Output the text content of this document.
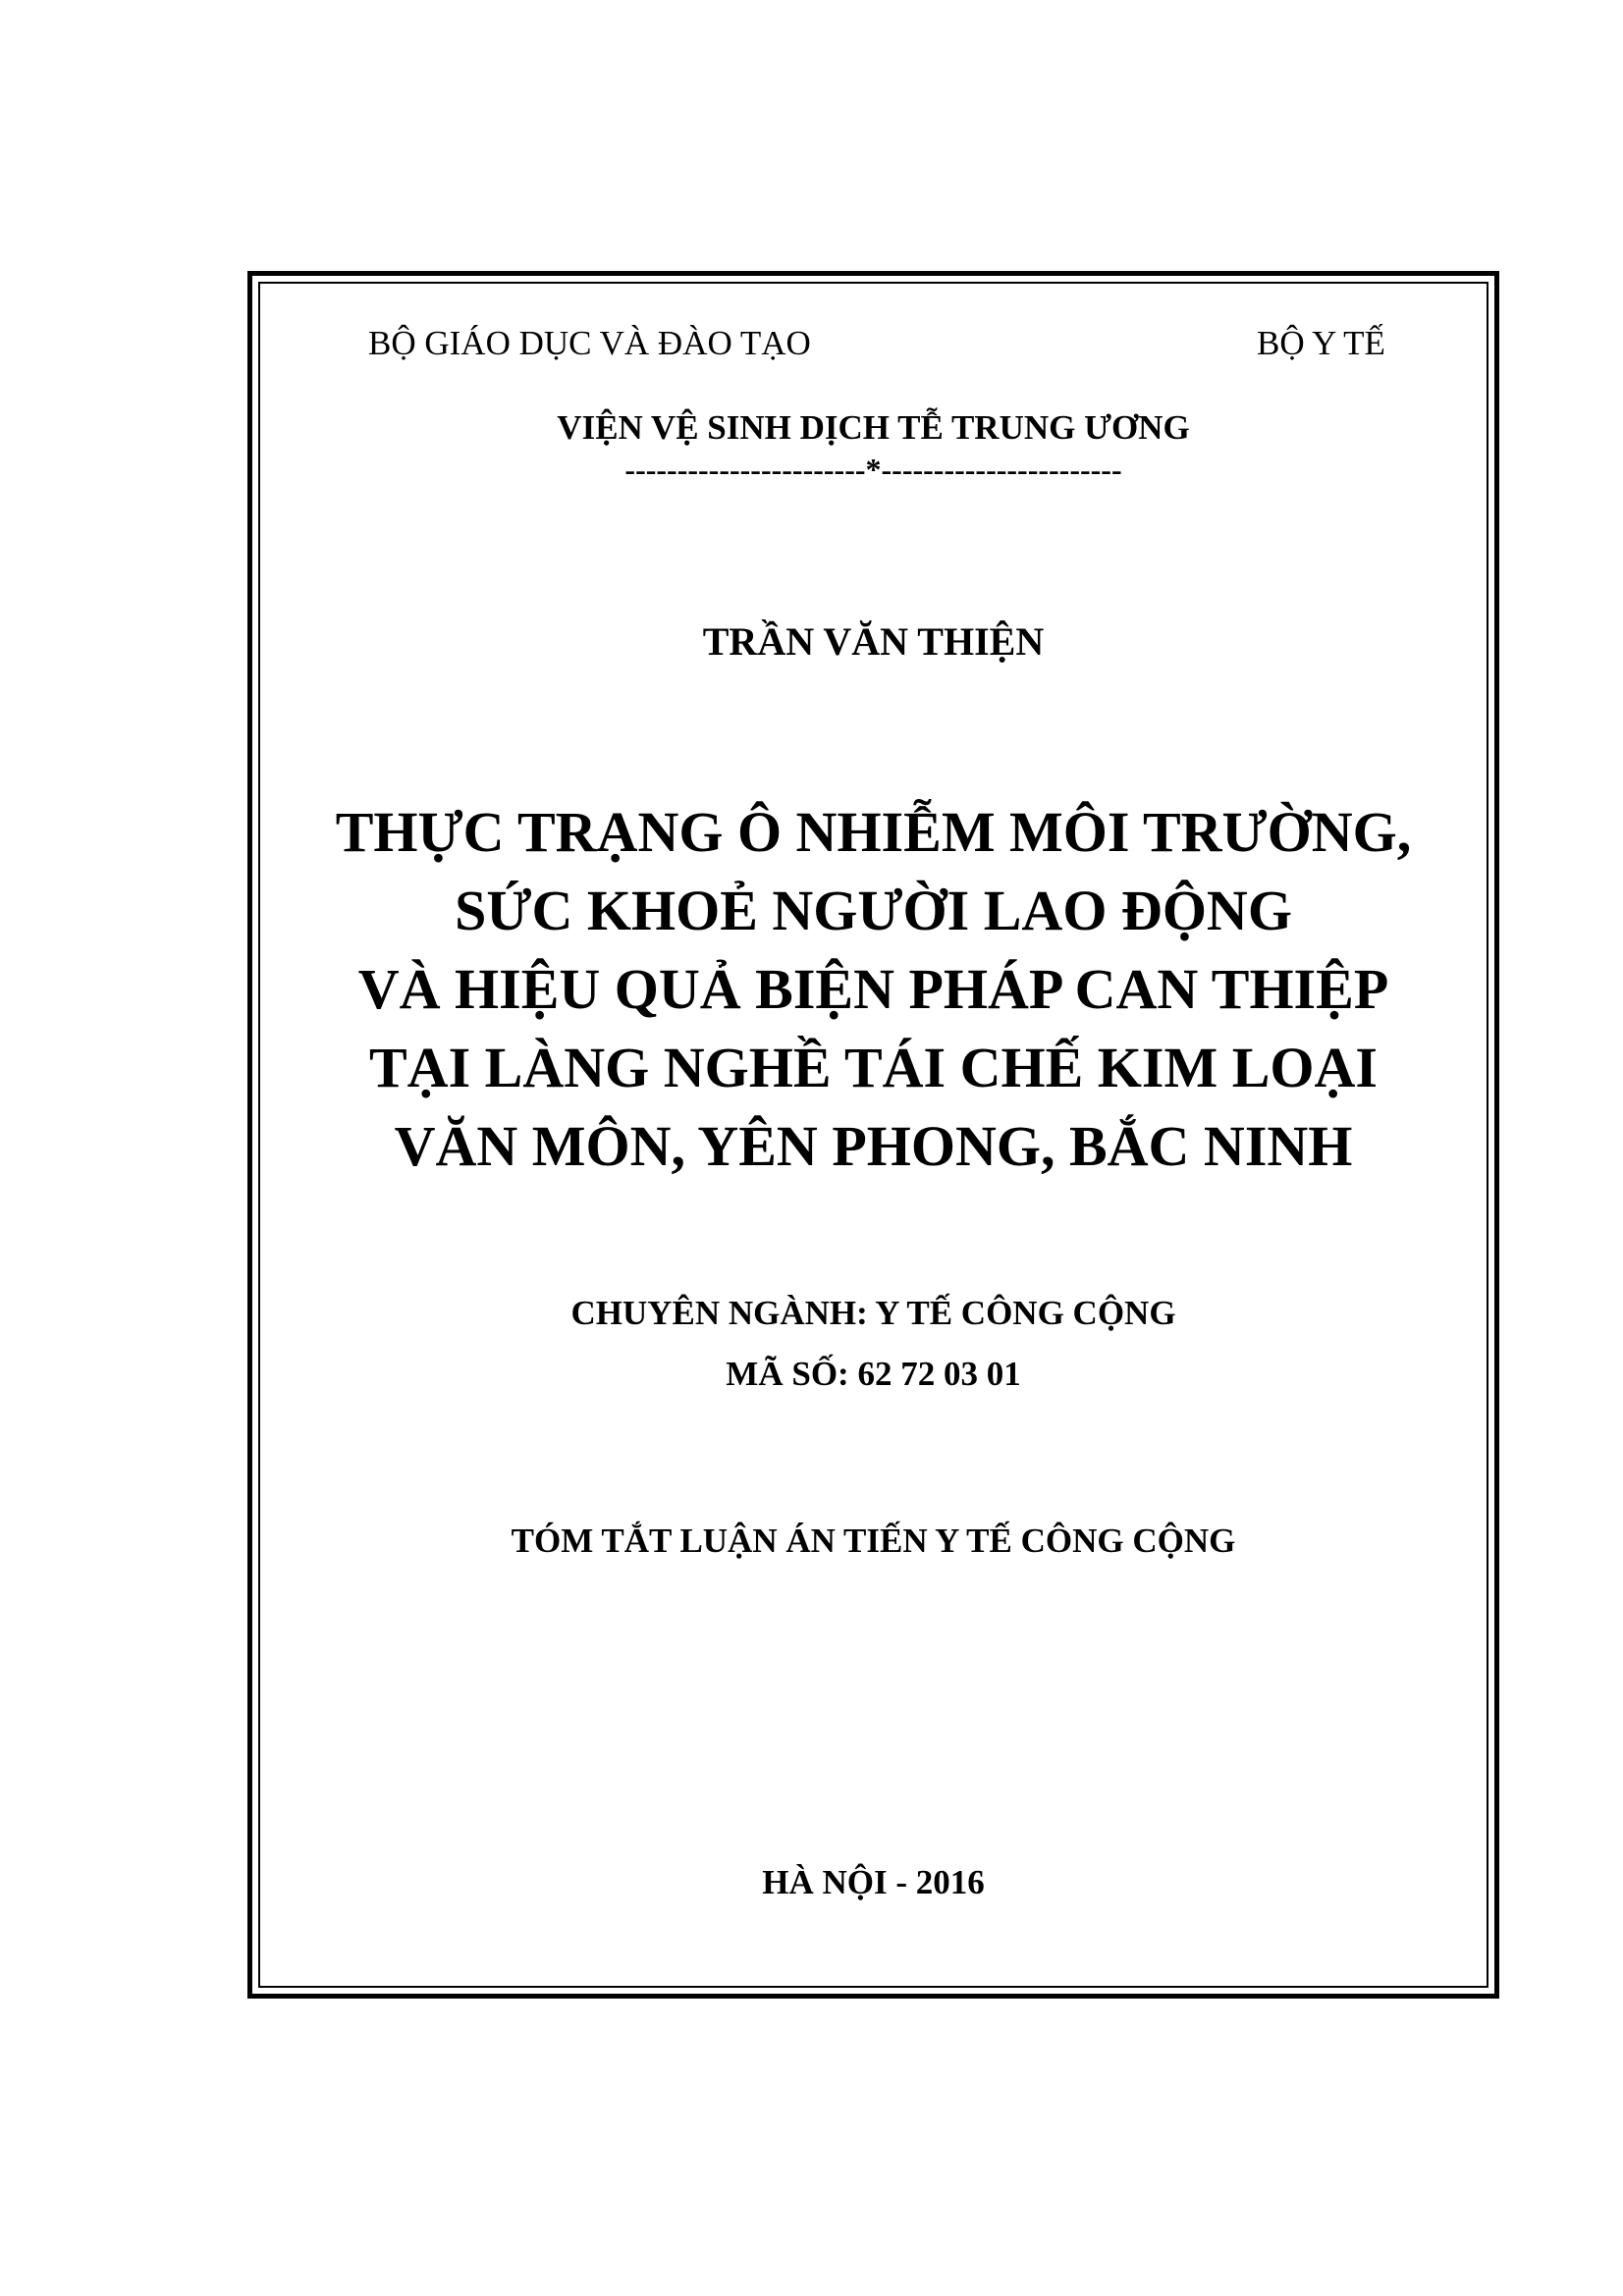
BỘ GIÁO DỤC VÀ ĐÀO TẠO	BỘ Y TẾ
VIỆN VỆ SINH DỊCH TỄ TRUNG ƯƠNG
-----------------------*-----------------------
TRẦN VĂN THIỆN
THỰC TRẠNG Ô NHIỄM MÔI TRƯỜNG,
SỨC KHOẺ NGƯỜI LAO ĐỘNG
VÀ HIỆU QUẢ BIỆN PHÁP CAN THIỆP
TẠI LÀNG NGHỀ TÁI CHẾ KIM LOẠI
VĂN MÔN, YÊN PHONG, BẮC NINH
CHUYÊN NGÀNH: Y TẾ CÔNG CỘNG
MÃ SỐ: 62 72 03 01
TÓM TẮT LUẬN ÁN TIẾN Y TẾ CÔNG CỘNG
HÀ NỘI - 2016
